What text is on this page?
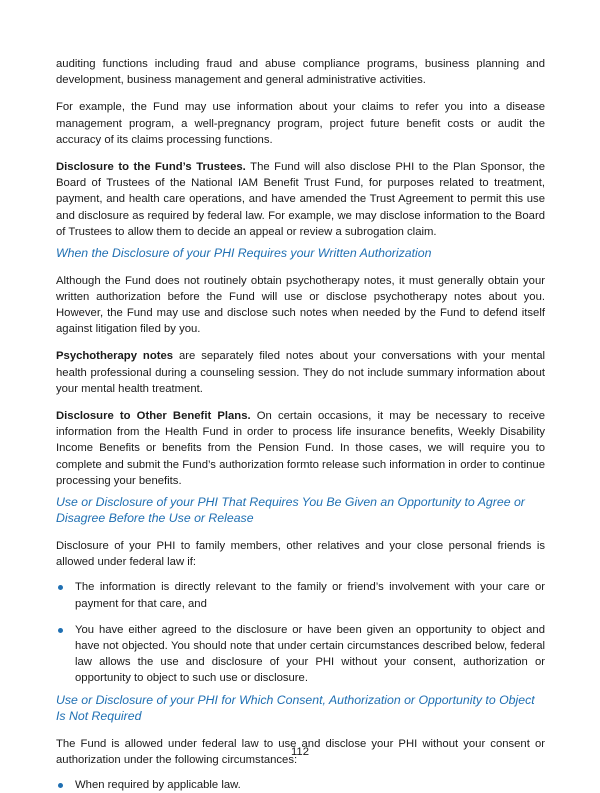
auditing functions including fraud and abuse compliance programs, business planning and development, business management and general administrative activities.

For example, the Fund may use information about your claims to refer you into a disease management program, a well-pregnancy program, project future benefit costs or audit the accuracy of its claims processing functions.

Disclosure to the Fund’s Trustees. The Fund will also disclose PHI to the Plan Sponsor, the Board of Trustees of the National IAM Benefit Trust Fund, for purposes related to treatment, payment, and health care operations, and have amended the Trust Agreement to permit this use and disclosure as required by federal law. For example, we may disclose information to the Board of Trustees to allow them to decide an appeal or review a subrogation claim.

When the Disclosure of your PHI Requires your Written Authorization

Although the Fund does not routinely obtain psychotherapy notes, it must generally obtain your written authorization before the Fund will use or disclose psychotherapy notes about you. However, the Fund may use and disclose such notes when needed by the Fund to defend itself against litigation filed by you.

Psychotherapy notes are separately filed notes about your conversations with your mental health professional during a counseling session. They do not include summary information about your mental health treatment.

Disclosure to Other Benefit Plans. On certain occasions, it may be necessary to receive information from the Health Fund in order to process life insurance benefits, Weekly Disability Income Benefits or benefits from the Pension Fund. In those cases, we will require you to complete and submit the Fund’s authorization formto release such information in order to continue processing your benefits.

Use or Disclosure of your PHI That Requires You Be Given an Opportunity to Agree or Disagree Before the Use or Release

Disclosure of your PHI to family members, other relatives and your close personal friends is allowed under federal law if:

The information is directly relevant to the family or friend’s involvement with your care or payment for that care, and
You have either agreed to the disclosure or have been given an opportunity to object and have not objected. You should note that under certain circumstances described below, federal law allows the use and disclosure of your PHI without your consent, authorization or opportunity to object to such use or disclosure.
Use or Disclosure of your PHI for Which Consent, Authorization or Opportunity to Object Is Not Required

The Fund is allowed under federal law to use and disclose your PHI without your consent or authorization under the following circumstances:

When required by applicable law.
112
